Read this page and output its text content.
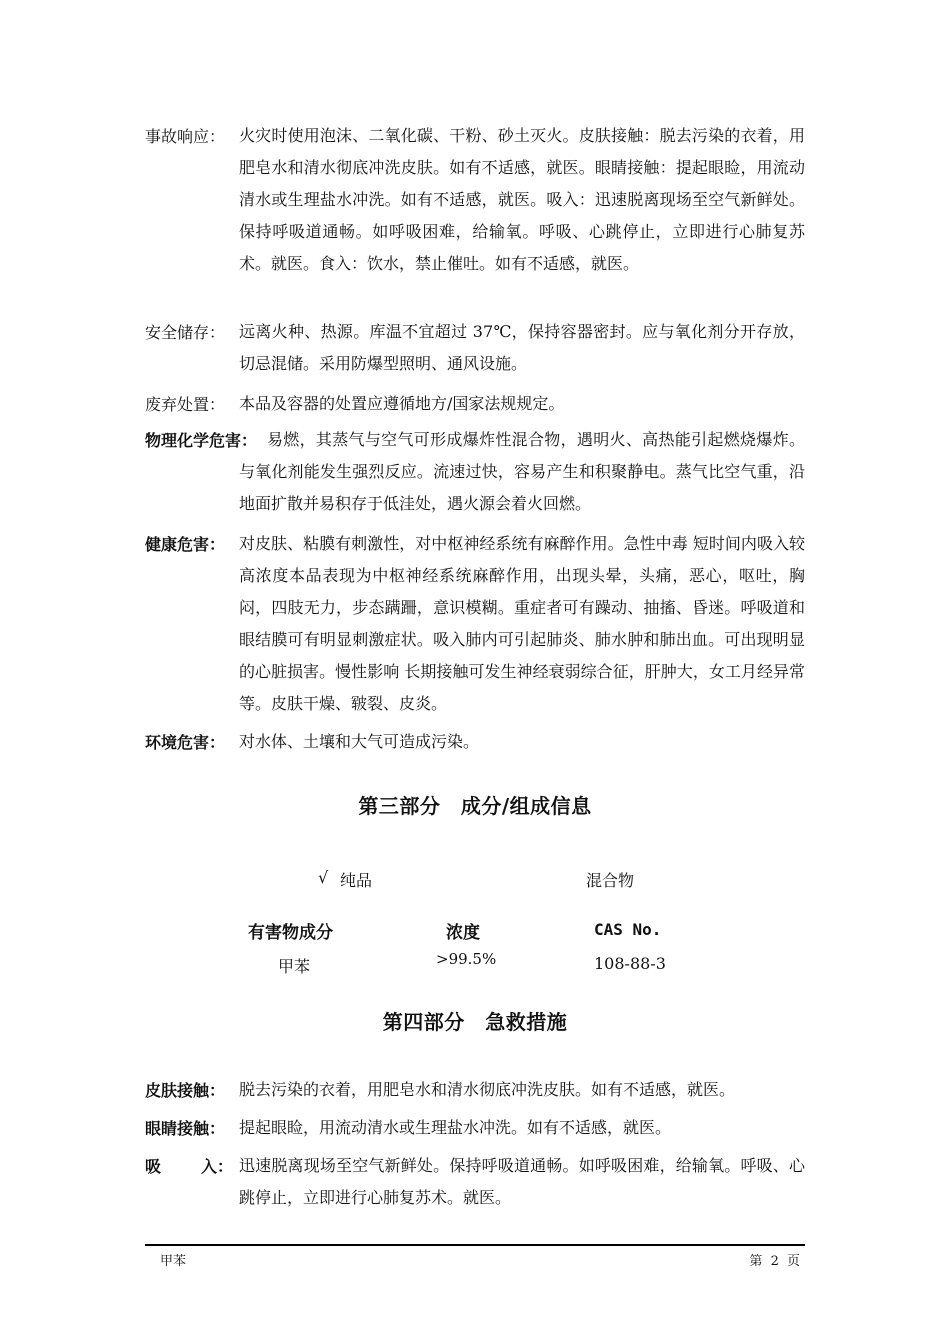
事故响应： 火灾时使用泡沫、二氧化碳、干粉、砂土灭火。皮肤接触：脱去污染的衣着，用肥皂水和清水彻底冲洗皮肤。如有不适感，就医。眼睛接触：提起眼睑，用流动清水或生理盐水冲洗。如有不适感，就医。吸入：迅速脱离现场至空气新鲜处。保持呼吸道通畅。如呼吸困难，给输氧。呼吸、心跳停止，立即进行心肺复苏术。就医。食入：饮水，禁止催吐。如有不适感，就医。
安全储存： 远离火种、热源。库温不宜超过 37℃，保持容器密封。应与氧化剂分开存放，切忌混储。采用防爆型照明、通风设施。
废弃处置： 本品及容器的处置应遵循地方/国家法规规定。
物理化学危害： 易燃，其蒸气与空气可形成爆炸性混合物，遇明火、高热能引起燃烧爆炸。与氧化剂能发生强烈反应。流速过快，容易产生和积聚静电。蒸气比空气重，沿地面扩散并易积存于低洼处，遇火源会着火回燃。
健康危害： 对皮肤、粘膜有刺激性，对中枢神经系统有麻醉作用。急性中毒 短时间内吸入较高浓度本品表现为中枢神经系统麻醉作用，出现头晕，头痛，恶心，呕吐，胸闷，四肢无力，步态蹒跚，意识模糊。重症者可有躁动、抽搐、昏迷。呼吸道和眼结膜可有明显刺激症状。吸入肺内可引起肺炎、肺水肿和肺出血。可出现明显的心脏损害。慢性影响 长期接触可发生神经衰弱综合征，肝肿大，女工月经异常等。皮肤干燥、皲裂、皮炎。
环境危害： 对水体、土壤和大气可造成污染。
第三部分　成分/组成信息
√ 纯品	混合物
有害物成分	浓度	CAS No.
甲苯	>99.5%	108-88-3
第四部分　急救措施
皮肤接触： 脱去污染的衣着，用肥皂水和清水彻底冲洗皮肤。如有不适感，就医。
眼睛接触： 提起眼睑，用流动清水或生理盐水冲洗。如有不适感，就医。
吸 入： 迅速脱离现场至空气新鲜处。保持呼吸道通畅。如呼吸困难，给输氧。呼吸、心跳停止，立即进行心肺复苏术。就医。
甲苯	第 2 页
